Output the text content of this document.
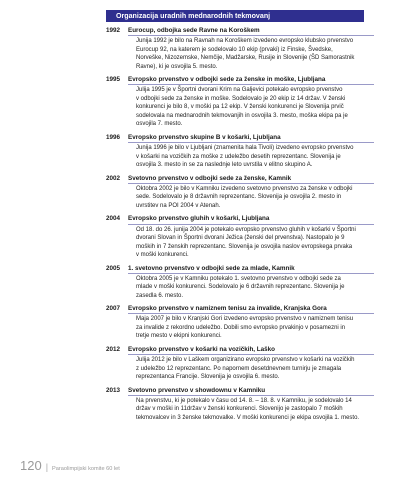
Organizacija uradnih mednarodnih tekmovanj
1992	Eurocup, odbojka sede Ravne na Koroškem
Junija 1992 je bilo na Ravnah na Koroškem izvedeno evropsko klubsko prvenstvo
Eurocup 92, na katerem je sodelovalo 10 ekip (prvaki) iz Finske, Švedske,
Norveške, Nizozemske, Nemčije, Madžarske, Rusije in Slovenije (ŠD Samorastnik
Ravne), ki je osvojila 5. mesto.
1995	Evropsko prvenstvo v odbojki sede za ženske in moške, Ljubljana
Julija 1995 je v Športni dvorani Krim na Galjevici potekalo evropsko prvenstvo
v odbojki sede za ženske in moške. Sodelovalo je 20 ekip iz 14 držav. V ženski
konkurenci je bilo 8, v moški pa 12 ekip. V ženski konkurenci je Slovenija prvič
sodelovala na mednarodnih tekmovanjih in osvojila 3. mesto, moška ekipa pa je
osvojila 7. mesto.
1996	Evropsko prvenstvo skupine B v košarki, Ljubljana
Junija 1996 je bilo v Ljubljani (znamenita hala Tivoli) izvedeno evropsko prvenstvo
v košarki na vozičkih za moške z udeležbo desetih reprezentanc. Slovenija je
osvojila 3. mesto in se za naslednje leto uvrstila v elitno skupino A.
2002	Svetovno prvenstvo v odbojki sede za ženske, Kamnik
Oktobra 2002 je bilo v Kamniku izvedeno svetovno prvenstvo za ženske v odbojki
sede. Sodelovalo je 8 državnih reprezentanc. Slovenija je osvojila 2. mesto in
uvrstitev na POI 2004 v Atenah.
2004	Evropsko prvenstvo gluhih v košarki, Ljubljana
Od 18. do 26. junija 2004 je potekalo evropsko prvenstvo gluhih v košarki v Športni
dvorani Slovan in Športni dvorani Ježica (ženski del prvenstva). Nastopalo je 9
moških in 7 ženskih reprezentanc. Slovenija je osvojila naslov evropskega prvaka
v moški konkurenci.
2005	1. svetovno prvenstvo v odbojki sede za mlade, Kamnik
Oktobra 2005 je v Kamniku potekalo 1. svetovno prvenstvo v odbojki sede za
mlade v moški konkurenci. Sodelovalo je 6 državnih reprezentanc. Slovenija je
zasedla 6. mesto.
2007	Evropsko prvenstvo v namiznem tenisu za invalide, Kranjska Gora
Maja 2007 je bilo v Kranjski Gori izvedeno evropsko prvenstvo v namiznem tenisu
za invalide z rekordno udeležbo. Dobili smo evropsko prvakinjo v posamezni in
tretje mesto v ekipni konkurenci.
2012	Evropsko prvenstvo v košarki na vozičkih, Laško
Julija 2012 je bilo v Laškem organizirano evropsko prvenstvo v košarki na vozičkih
z udeležbo 12 reprezentanc. Po napornem desetdnevnem turnirju je zmagala
reprezentanca Francije. Slovenija je osvojila 6. mesto.
2013	Svetovno prvenstvo v showdownu v Kamniku
Na prvenstvu, ki je potekalo v času od 14. 8. – 18. 8. v Kamniku, je sodelovalo 14
držav v moški in 11držav v ženski konkurenci. Slovenijo je zastopalo 7 moških
tekmovalcev in 3 ženske tekmovalke. V moški konkurenci je ekipa osvojila 1. mesto.
120 | Paraolimpijski komite 60 let
